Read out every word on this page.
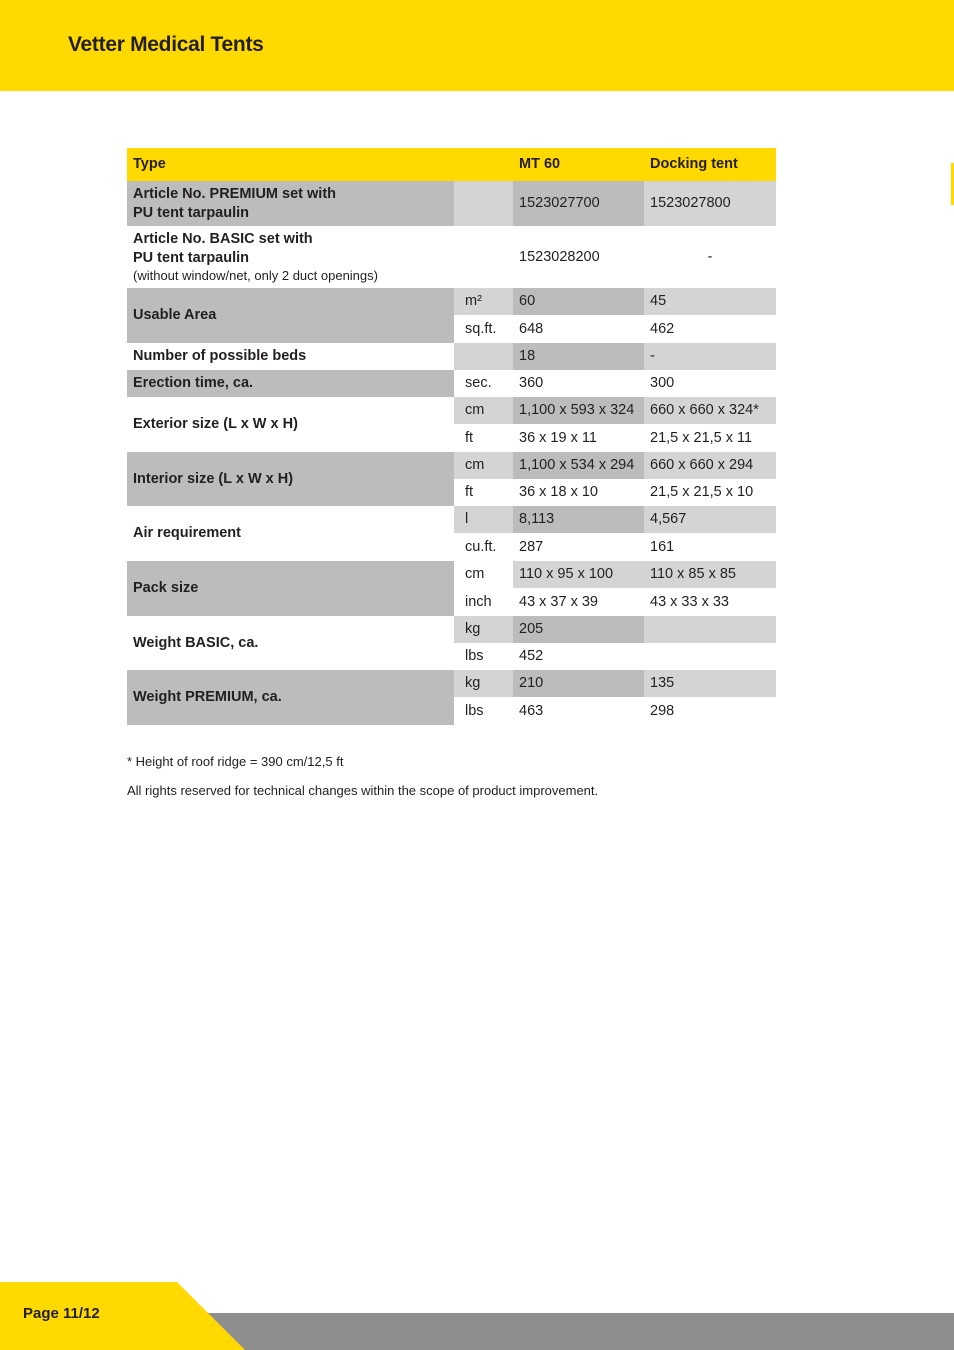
Vetter Medical Tents
Type		MT 60	Docking tent
Article No. PREMIUM set with
PU tent tarpaulin		1523027700	1523027800
Article No. BASIC set with
PU tent tarpaulin
(without window/net, only 2 duct openings)		1523028200	-
Usable Area	m²	60	45
	sq.ft.	648	462
Number of possible beds		18	-
Erection time, ca.	sec.	360	300
Exterior size (L x W x H)	cm	1,100 x 593 x 324	660 x 660 x 324*
	ft	36 x 19 x 11	21,5 x 21,5 x 11
Interior size (L x W x H)	cm	1,100 x 534 x 294	660 x 660 x 294
	ft	36 x 18 x 10	21,5 x 21,5 x 10
Air requirement	l	8,113	4,567
	cu.ft.	287	161
Pack size	cm	110 x 95 x 100	110 x 85 x 85
	inch	43 x 37 x 39	43 x 33 x 33
Weight BASIC, ca.	kg	205	
	lbs	452	
Weight PREMIUM, ca.	kg	210	135
	lbs	463	298
* Height of roof ridge = 390 cm/12,5 ft
All rights reserved for technical changes within the scope of product improvement.
Page 11/12
